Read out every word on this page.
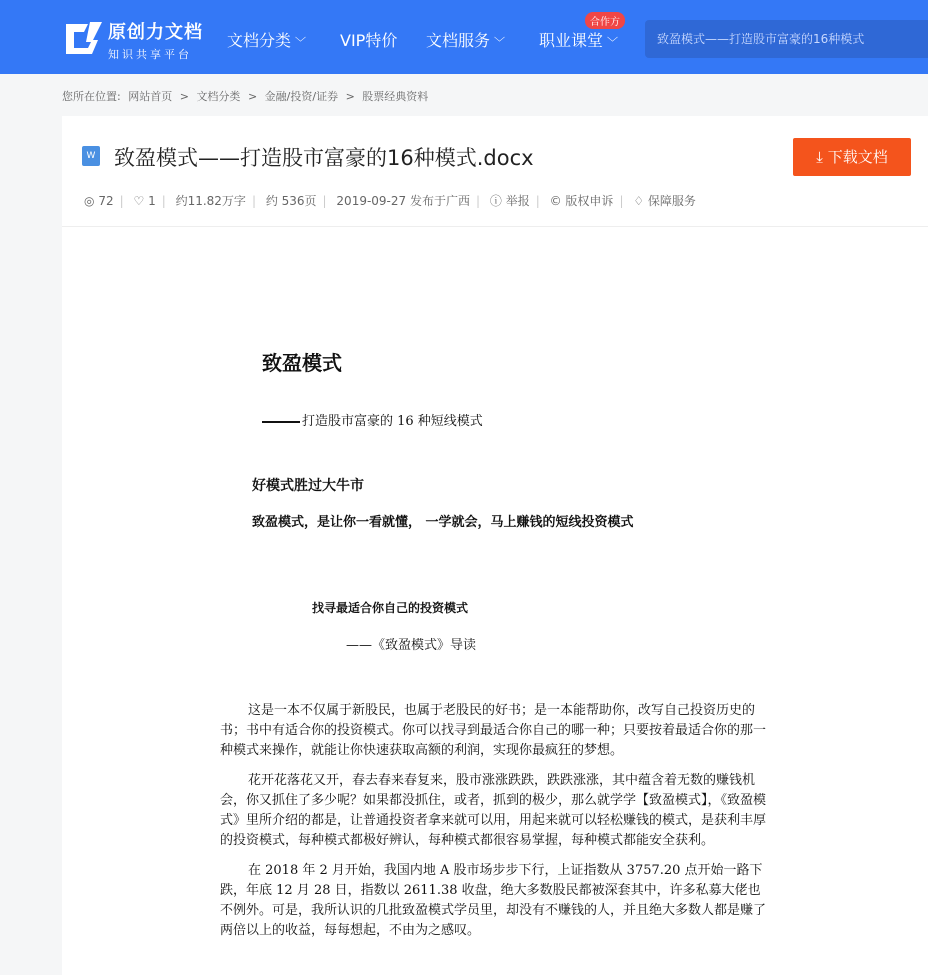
原创力文档
知识共享平台
文档分类 ﹀ VIP特价 文档服务 ﹀ 职业课堂 ﹀
合作方
致盈模式——打造股市富豪的16种模式
您所在位置: 网站首页 > 文档分类 > 金融/投资/证券 > 股票经典资料
W 致盈模式——打造股市富豪的16种模式.docx	⤓ 下载文档
◎ 72 | ♡ 1 | 约11.82万字 | 约 536页 | 2019-09-27 发布于广西 | ⓘ 举报 | © 版权申诉 | ♢ 保障服务
致盈模式
打造股市富豪的 16 种短线模式
好模式胜过大牛市
致盈模式，是让你一看就懂， 一学就会，马上赚钱的短线投资模式
找寻最适合你自己的投资模式
——《致盈模式》导读

这是一本不仅属于新股民，也属于老股民的好书；是一本能帮助你，改写自己投资历史的书；书中有适合你的投资模式。你可以找寻到最适合你自己的哪一种；只要按着最适合你的那一种模式来操作，就能让你快速获取高额的利润，实现你最疯狂的梦想。

花开花落花又开，春去春来春复来，股市涨涨跌跌，跌跌涨涨，其中蕴含着无数的赚钱机会，你又抓住了多少呢？如果都没抓住，或者，抓到的极少，那么就学学【致盈模式】，《致盈模式》里所介绍的都是，让普通投资者拿来就可以用，用起来就可以轻松赚钱的模式，是获利丰厚的投资模式，每种模式都极好辨认，每种模式都很容易掌握，每种模式都能安全获利。

在 2018 年 2 月开始，我国内地 A 股市场步步下行，上证指数从 3757.20 点开始一路下跌，年底 12 月 28 日，指数以 2611.38 收盘，绝大多数股民都被深套其中，许多私募大佬也不例外。可是，我所认识的几批致盈模式学员里，却没有不赚钱的人，并且绝大多数人都是赚了两倍以上的收益，每每想起，不由为之感叹。
